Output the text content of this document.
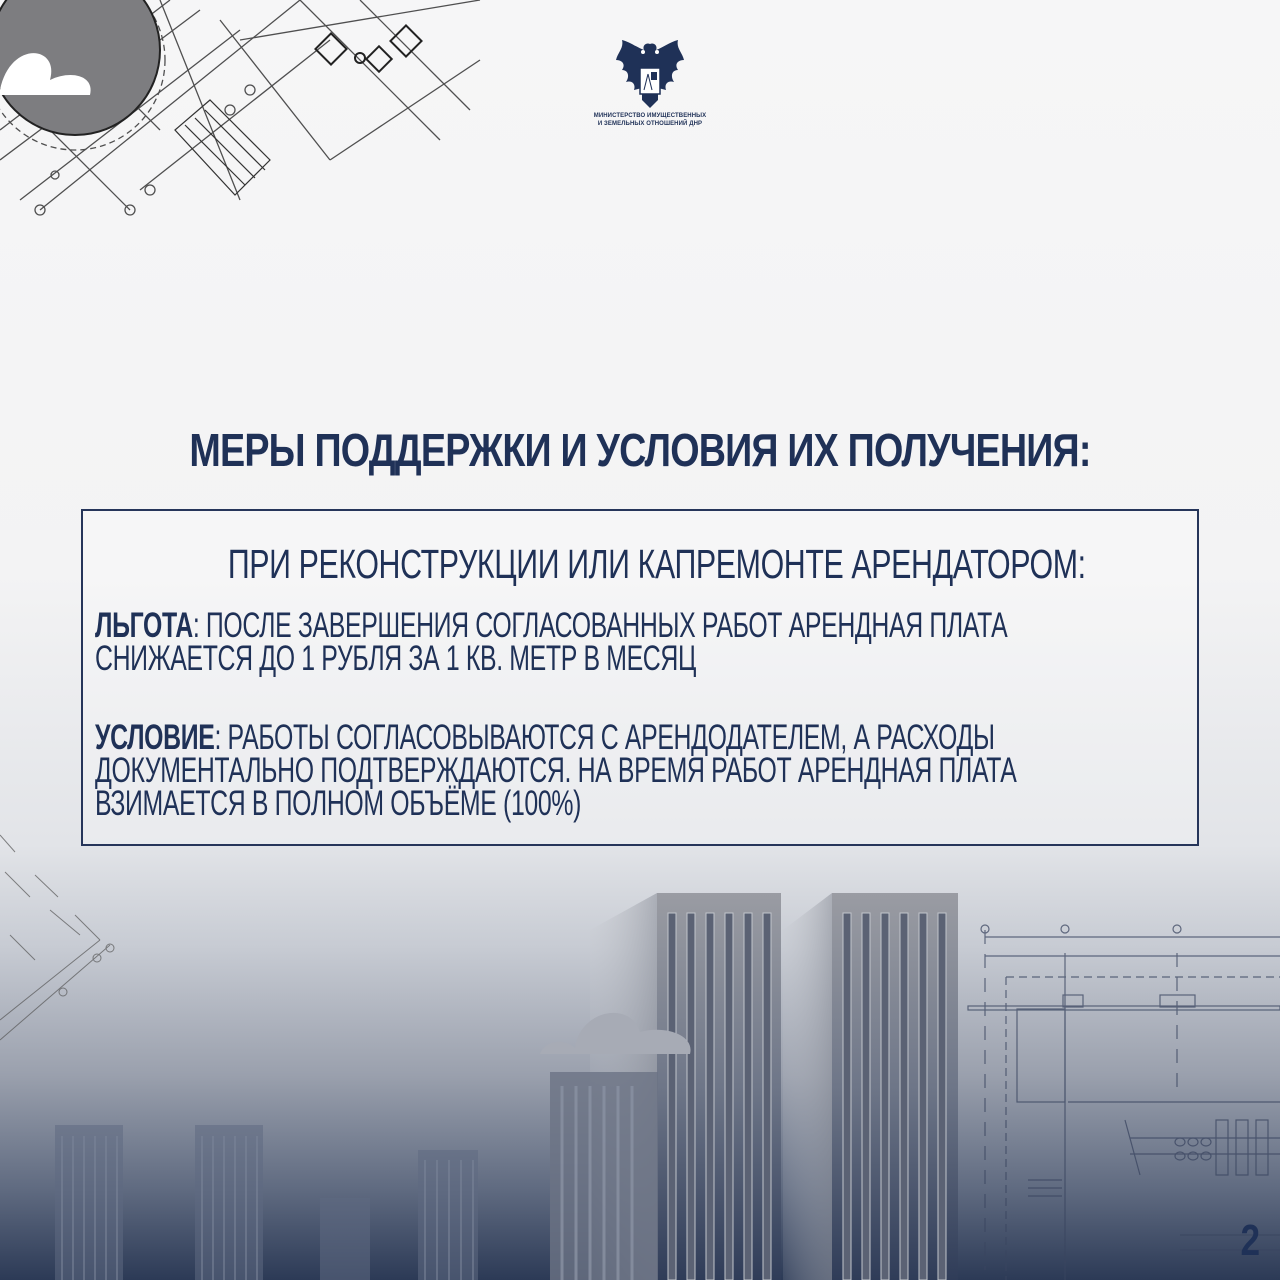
МИНИСТЕРСТВО ИМУЩЕСТВЕННЫХ
И ЗЕМЕЛЬНЫХ ОТНОШЕНИЙ ДНР
МЕРЫ ПОДДЕРЖКИ И УСЛОВИЯ ИХ ПОЛУЧЕНИЯ:
ПРИ РЕКОНСТРУКЦИИ ИЛИ КАПРЕМОНТЕ АРЕНДАТОРОМ:
ЛЬГОТА: ПОСЛЕ ЗАВЕРШЕНИЯ СОГЛАСОВАННЫХ РАБОТ АРЕНДНАЯ ПЛАТА СНИЖАЕТСЯ ДО 1 РУБЛЯ ЗА 1 КВ. МЕТР В МЕСЯЦ
УСЛОВИЕ: РАБОТЫ СОГЛАСОВЫВАЮТСЯ С АРЕНДОДАТЕЛЕМ, А РАСХОДЫ ДОКУМЕНТАЛЬНО ПОДТВЕРЖДАЮТСЯ. НА ВРЕМЯ РАБОТ АРЕНДНАЯ ПЛАТА ВЗИМАЕТСЯ В ПОЛНОМ ОБЪЁМЕ (100%)
2
